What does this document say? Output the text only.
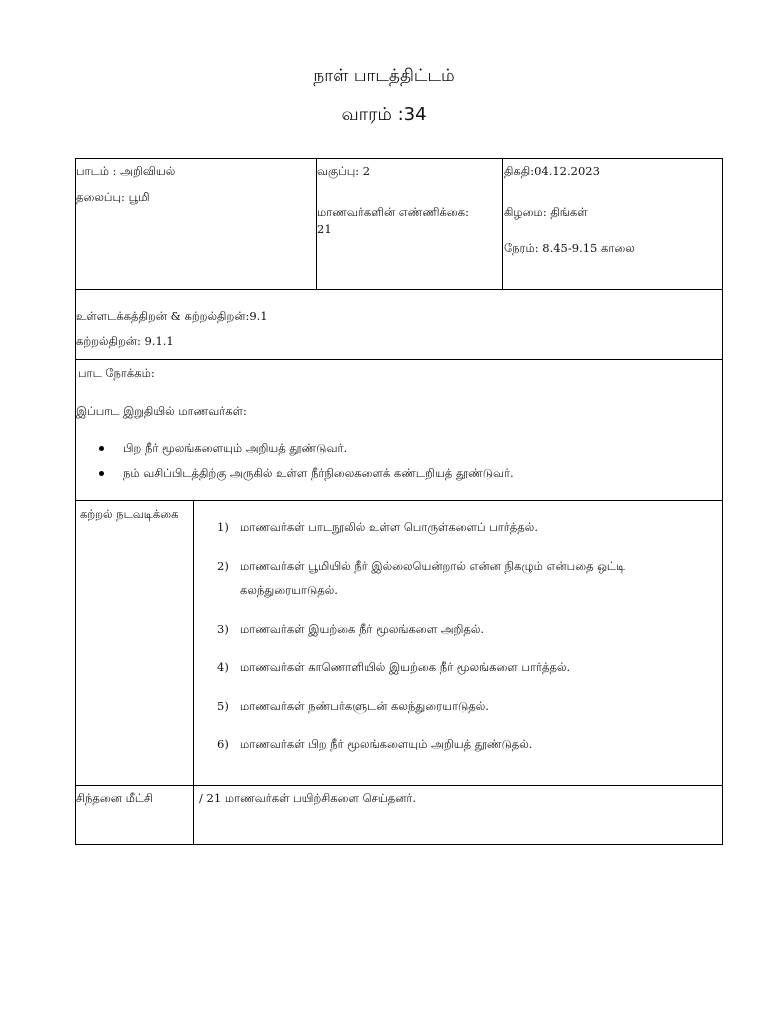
நாள் பாடத்திட்டம்
வாரம் :34
பாடம் : அறிவியல்
தலைப்பு: பூமி
வகுப்பு: 2
மாணவர்களின் எண்ணிக்கை:
21
திகதி:04.12.2023
கிழமை: திங்கள்
நேரம்: 8.45-9.15 காலை
உள்ளடக்கத்திறன் & கற்றல்திறன்:9.1
கற்றல்திறன்: 9.1.1
பாட நோக்கம்:
இப்பாட இறுதியில் மாணவர்கள்:
பிற நீர் மூலங்களையும் அறியத் தூண்டுவர்.
நம் வசிப்பிடத்திற்கு அருகில் உள்ள நீர்நிலைகளைக் கண்டறியத் தூண்டுவர்.
கற்றல் நடவடிக்கை
1) மாணவர்கள் பாடநூலில் உள்ள பொருள்களைப் பார்த்தல்.
2) மாணவர்கள் பூமியில் நீர் இல்லையென்றால் என்ன நிகழும் என்பதை ஒட்டி
கலந்துரையாடுதல்.
3) மாணவர்கள் இயற்கை நீர் மூலங்களை அறிதல்.
4) மாணவர்கள் காணொளியில் இயற்கை நீர் மூலங்களை பார்த்தல்.
5) மாணவர்கள் நண்பர்களுடன் கலந்துரையாடுதல்.
6) மாணவர்கள் பிற நீர் மூலங்களையும் அறியத் தூண்டுதல்.
சிந்தனை மீட்சி	/ 21 மாணவர்கள் பயிற்சிகளை செய்தனர்.
